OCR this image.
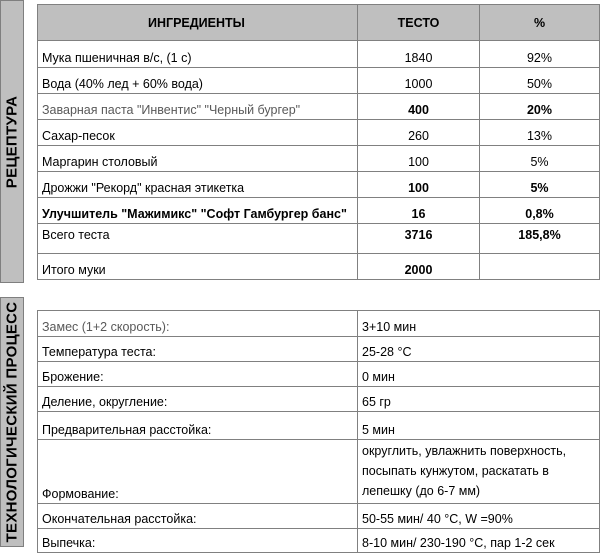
РЕЦЕПТУРА
ТЕХНОЛОГИЧЕСКИЙ ПРОЦЕСС
ИНГРЕДИЕНТЫ	ТЕСТО	%
Мука пшеничная в/с, (1 с)	1840	92%
Вода (40% лед + 60% вода)	1000	50%
Заварная паста "Инвентис" "Черный бургер"	400	20%
Сахар-песок	260	13%
Маргарин столовый	100	5%
Дрожжи "Рекорд" красная этикетка	100	5%
Улучшитель "Мажимикс" "Софт Гамбургер банс"	16	0,8%
Всего теста	3716	185,8%
Итого муки	2000	
Замес (1+2 скорость):	3+10 мин
Температура теста:	25-28 °С
Брожение:	0 мин
Деление, округление:	65 гр
Предварительная расстойка:	5 мин
Формование:	округлить, увлажнить поверхность, посыпать кунжутом, раскатать в лепешку (до 6-7 мм)
Окончательная расстойка:	50-55 мин/ 40 °С, W =90%
Выпечка:	8-10 мин/ 230-190 °С, пар 1-2 сек
